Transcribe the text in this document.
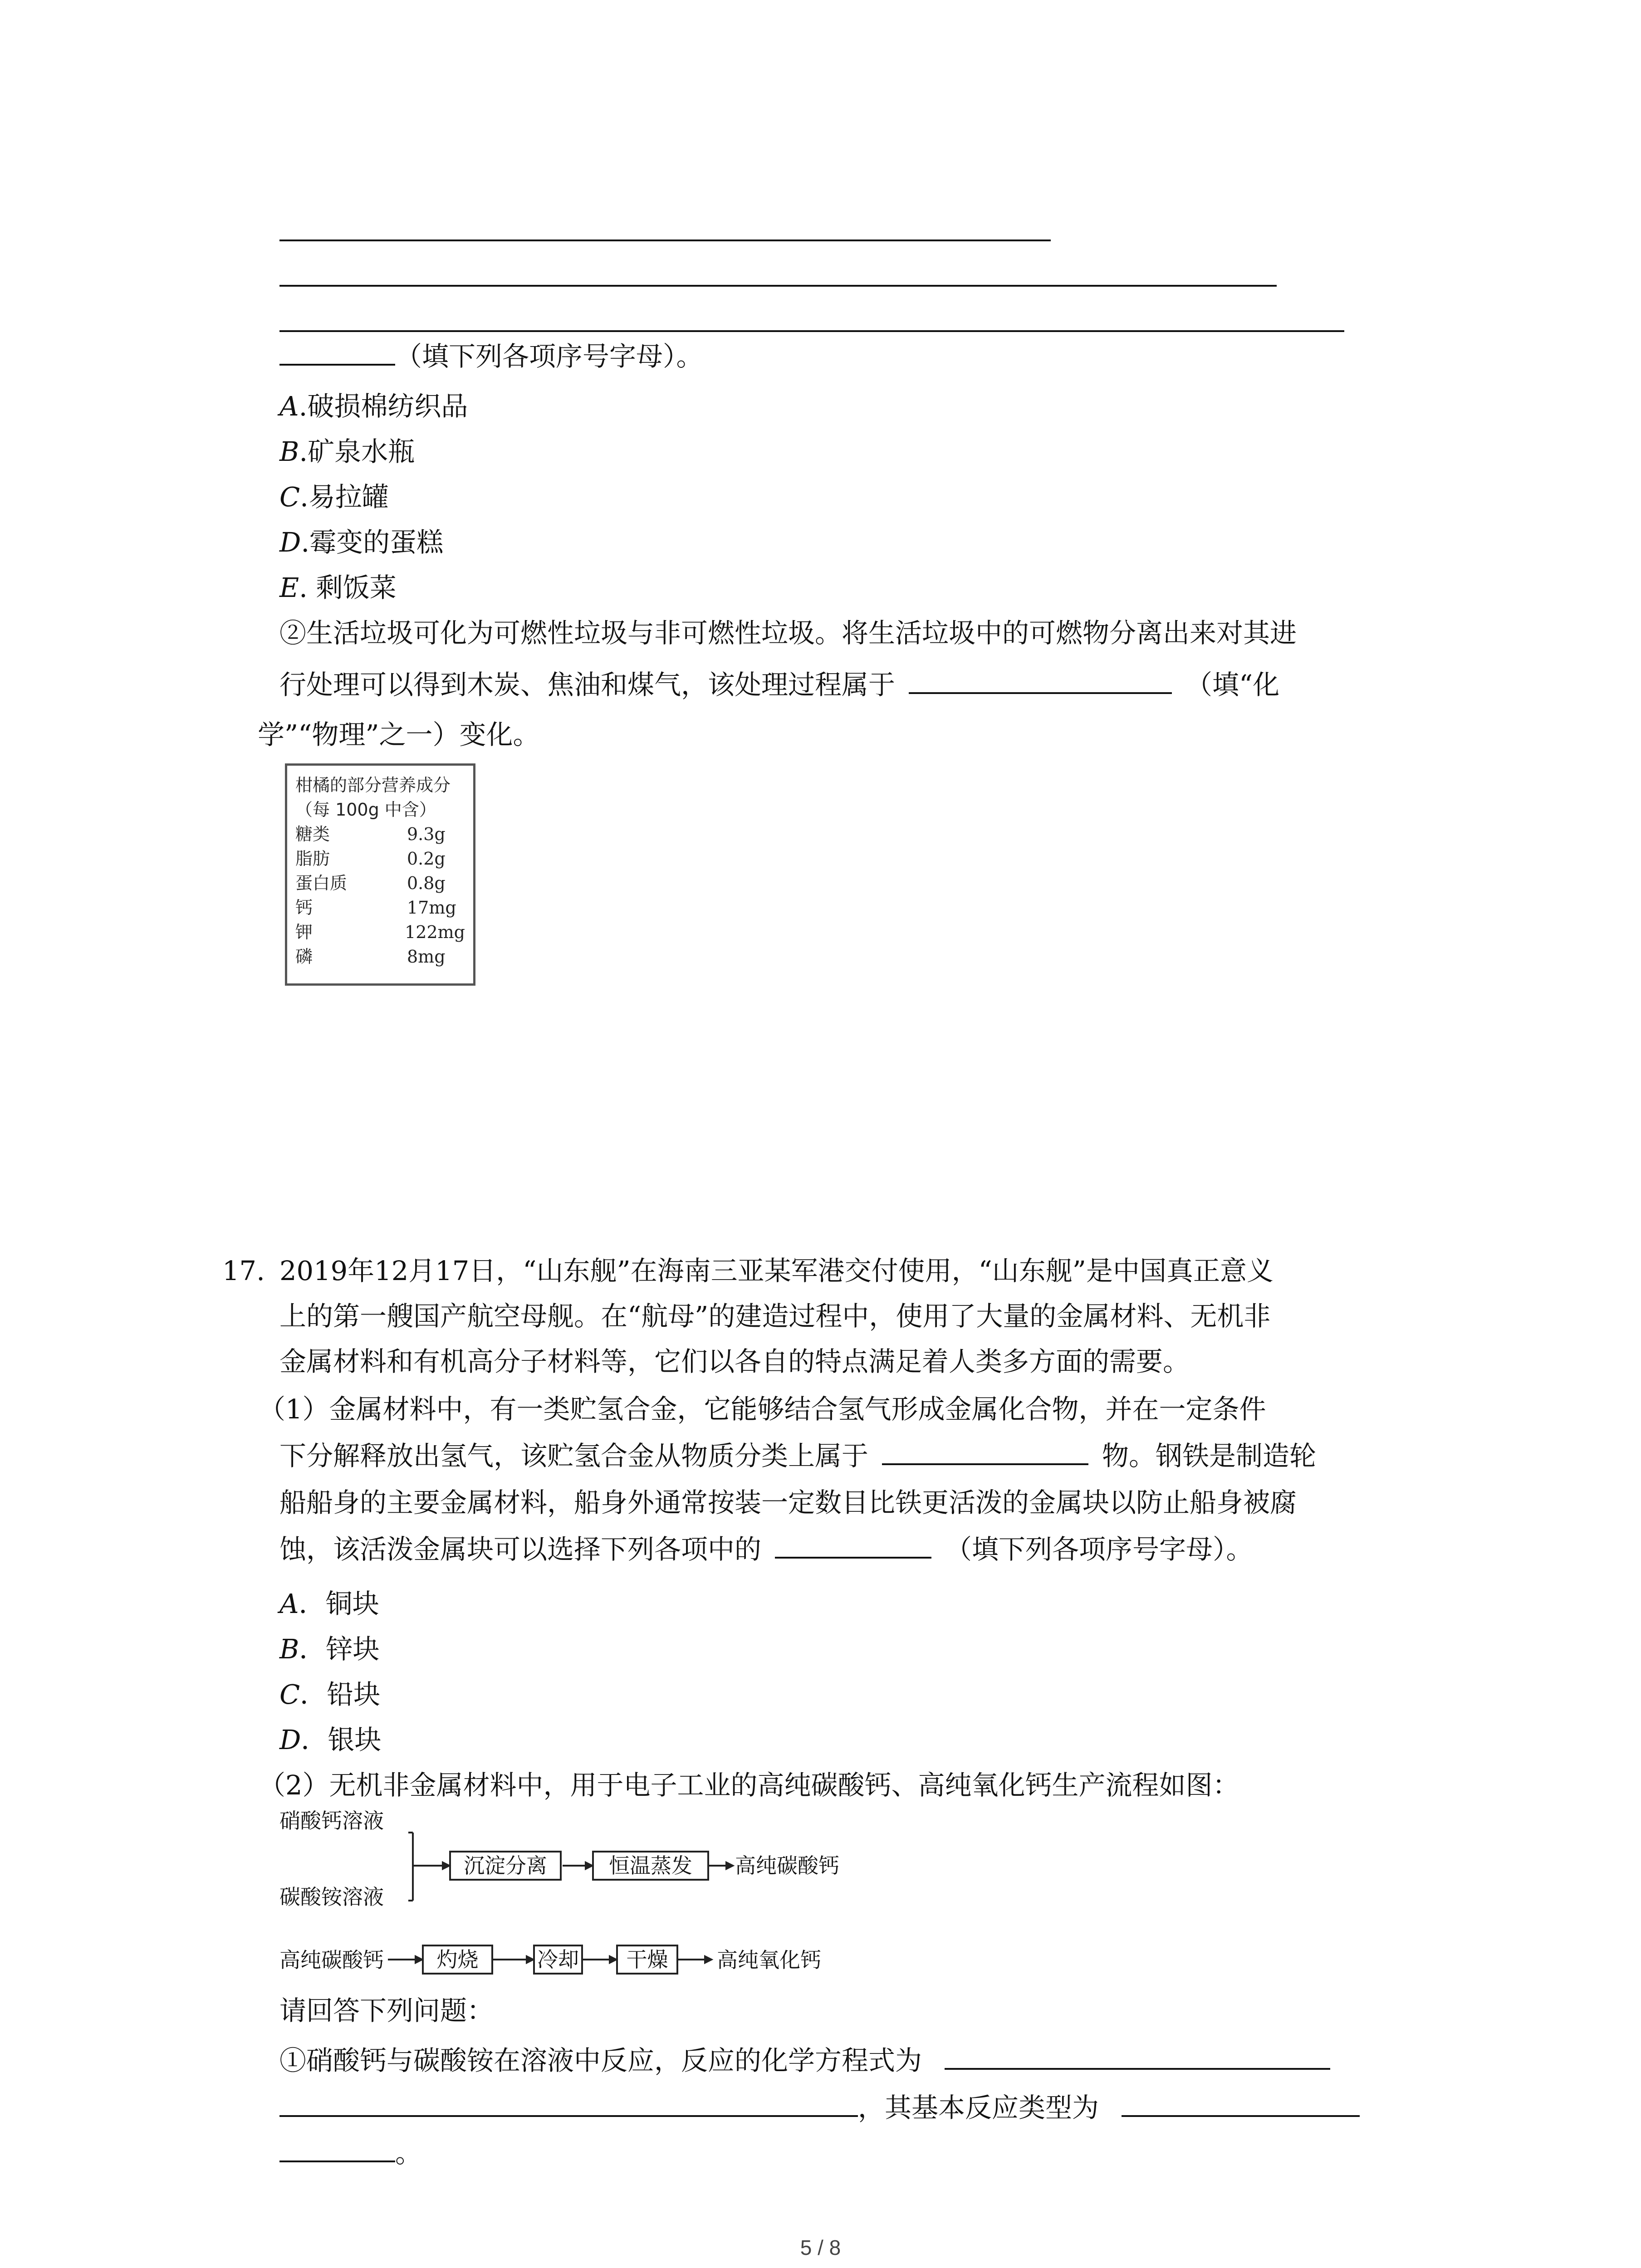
（填下列各项序号字母）。
A.破损棉纺织品
B.矿泉水瓶
C.易拉罐
D.霉变的蛋糕
E. 剩饭菜
②生活垃圾可化为可燃性垃圾与非可燃性垃圾。将生活垃圾中的可燃物分离出来对其进
行处理可以得到木炭、焦油和煤气，该处理过程属于	（填“化
学”“物理”之一）变化。
柑橘的部分营养成分
（每 100g 中含）
糖类	9.3g
脂肪	0.2g
蛋白质	0.8g
钙	17mg
钾	122mg
磷	8mg
17. 2019年12月17日，“山东舰”在海南三亚某军港交付使用，“山东舰”是中国真正意义
上的第一艘国产航空母舰。在“航母”的建造过程中，使用了大量的金属材料、无机非
金属材料和有机高分子材料等，它们以各自的特点满足着人类多方面的需要。
（1）金属材料中，有一类贮氢合金，它能够结合氢气形成金属化合物，并在一定条件
下分解释放出氢气，该贮氢合金从物质分类上属于	物。钢铁是制造轮
船船身的主要金属材料，船身外通常按装一定数目比铁更活泼的金属块以防止船身被腐
蚀，该活泼金属块可以选择下列各项中的	（填下列各项序号字母）。
A．铜块
B．锌块
C．铅块
D．银块
（2）无机非金属材料中，用于电子工业的高纯碳酸钙、高纯氧化钙生产流程如图：
硝酸钙溶液
碳酸铵溶液
沉淀分离	恒温蒸发	高纯碳酸钙
高纯碳酸钙	灼烧	冷却	干燥	高纯氧化钙
请回答下列问题：
①硝酸钙与碳酸铵在溶液中反应，反应的化学方程式为
，其基本反应类型为
。
5 / 8
